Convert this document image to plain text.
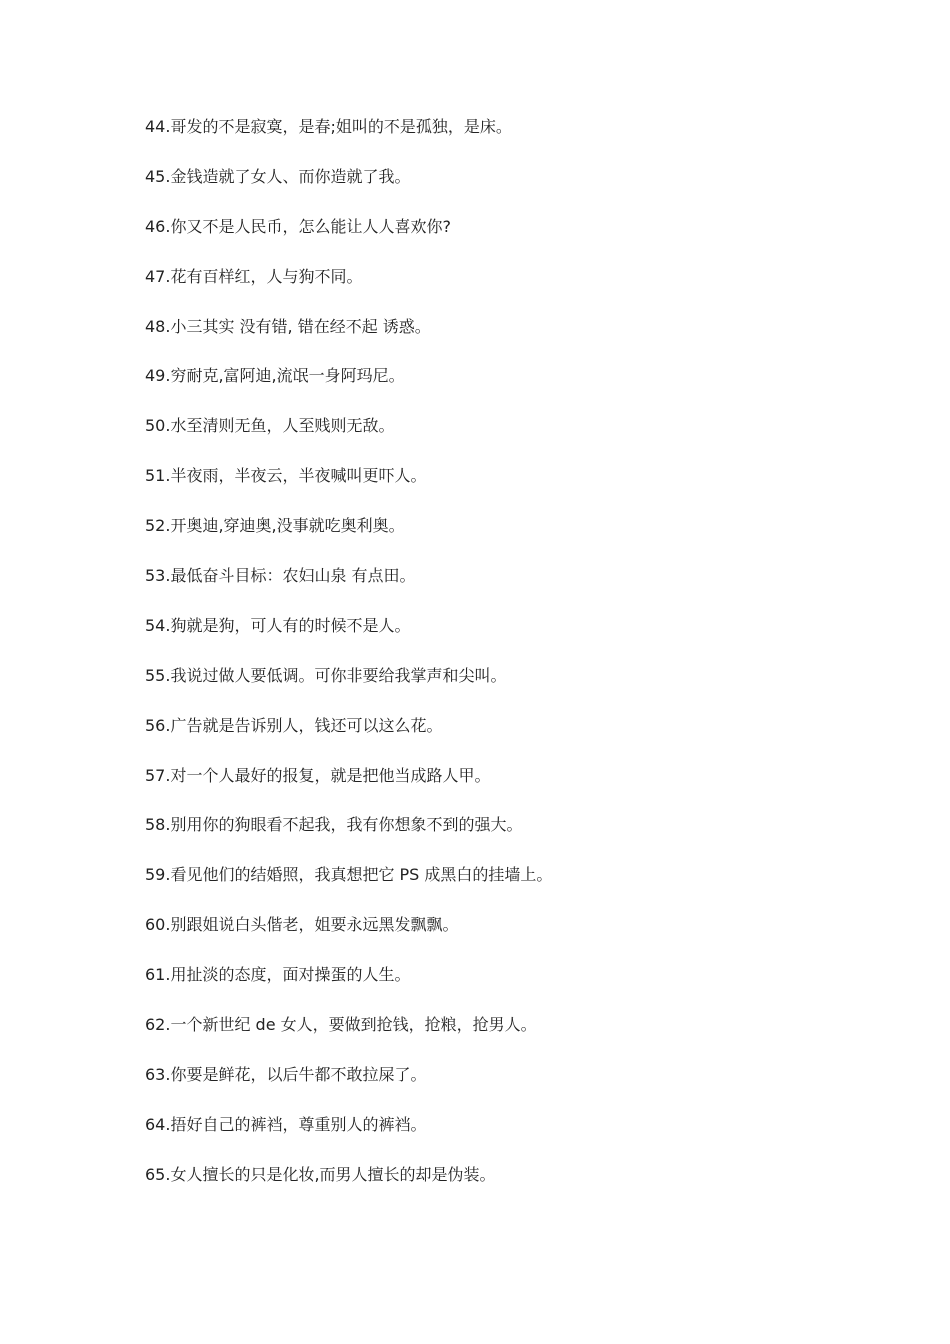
44.哥发的不是寂寞，是春;姐叫的不是孤独，是床。
45.金钱造就了女人、而你造就了我。
46.你又不是人民币，怎么能让人人喜欢你?
47.花有百样红，人与狗不同。
48.小三其实 没有错, 错在经不起 诱惑。
49.穷耐克,富阿迪,流氓一身阿玛尼。
50.水至清则无鱼，人至贱则无敌。
51.半夜雨，半夜云，半夜喊叫更吓人。
52.开奥迪,穿迪奥,没事就吃奥利奥。
53.最低奋斗目标：农妇山泉 有点田。
54.狗就是狗，可人有的时候不是人。
55.我说过做人要低调。可你非要给我掌声和尖叫。
56.广告就是告诉别人，钱还可以这么花。
57.对一个人最好的报复，就是把他当成路人甲。
58.别用你的狗眼看不起我，我有你想象不到的强大。
59.看见他们的结婚照，我真想把它 PS 成黑白的挂墙上。
60.别跟姐说白头偕老，姐要永远黑发飘飘。
61.用扯淡的态度，面对操蛋的人生。
62.一个新世纪 de 女人，要做到抢钱，抢粮，抢男人。
63.你要是鲜花，以后牛都不敢拉屎了。
64.捂好自己的裤裆，尊重别人的裤裆。
65.女人擅长的只是化妆,而男人擅长的却是伪装。
